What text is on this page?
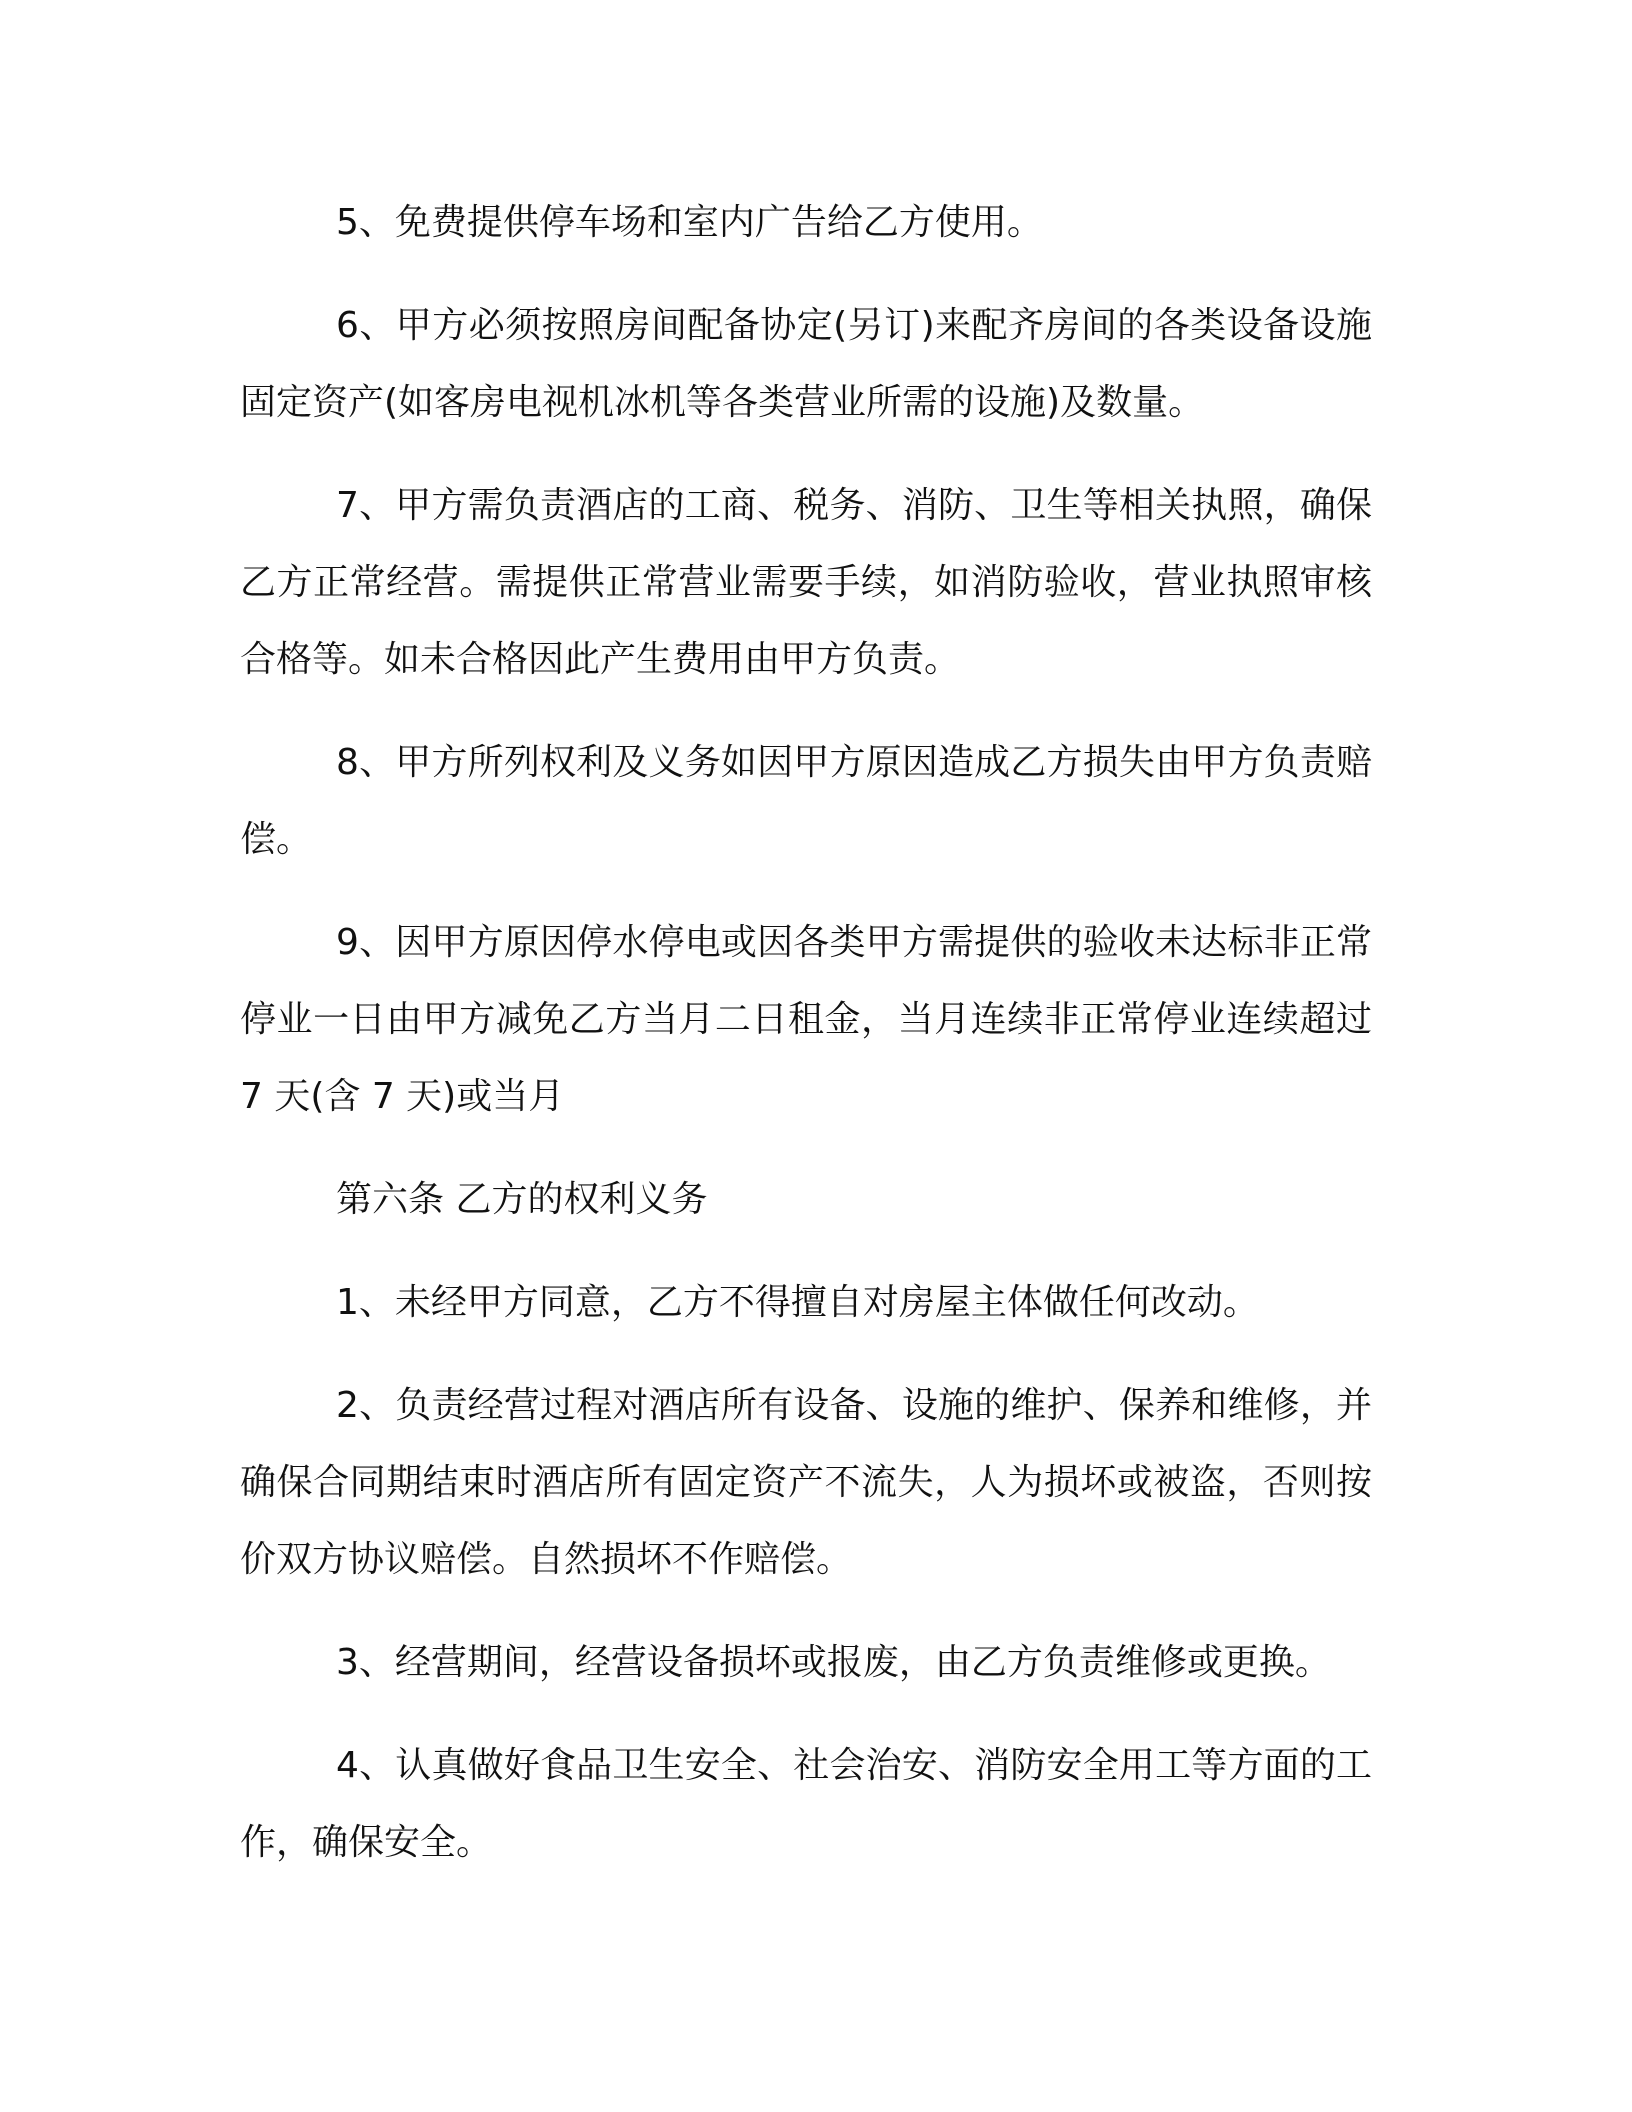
5、免费提供停车场和室内广告给乙方使用。

6、甲方必须按照房间配备协定(另订)来配齐房间的各类设备设施固定资产(如客房电视机冰机等各类营业所需的设施)及数量。

7、甲方需负责酒店的工商、税务、消防、卫生等相关执照，确保乙方正常经营。需提供正常营业需要手续，如消防验收，营业执照审核合格等。如未合格因此产生费用由甲方负责。

8、甲方所列权利及义务如因甲方原因造成乙方损失由甲方负责赔偿。

9、因甲方原因停水停电或因各类甲方需提供的验收未达标非正常停业一日由甲方减免乙方当月二日租金，当月连续非正常停业连续超过 7 天(含 7 天)或当月

第六条 乙方的权利义务

1、未经甲方同意，乙方不得擅自对房屋主体做任何改动。

2、负责经营过程对酒店所有设备、设施的维护、保养和维修，并确保合同期结束时酒店所有固定资产不流失，人为损坏或被盗，否则按价双方协议赔偿。自然损坏不作赔偿。

3、经营期间，经营设备损坏或报废，由乙方负责维修或更换。

4、认真做好食品卫生安全、社会治安、消防安全用工等方面的工作，确保安全。
